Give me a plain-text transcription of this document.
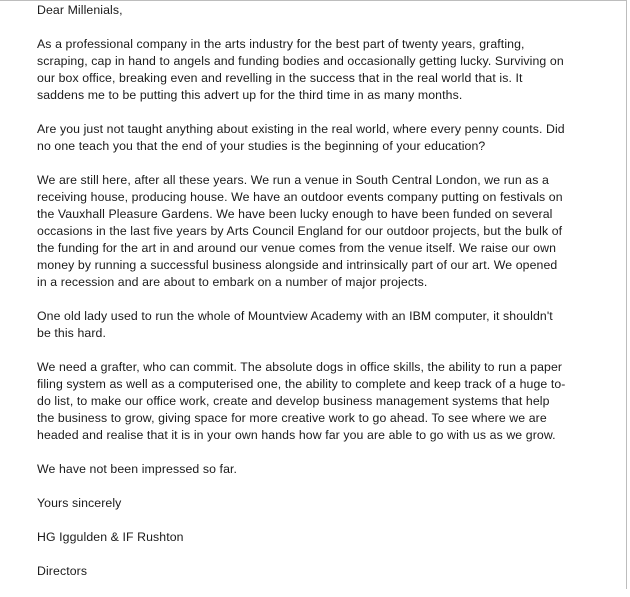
Dear Millenials,

As a professional company in the arts industry for the best part of twenty years, grafting, scraping, cap in hand to angels and funding bodies and occasionally getting lucky. Surviving on our box office, breaking even and revelling in the success that in the real world that is. It saddens me to be putting this advert up for the third time in as many months.

Are you just not taught anything about existing in the real world, where every penny counts. Did no one teach you that the end of your studies is the beginning of your education?

We are still here, after all these years. We run a venue in South Central London, we run as a receiving house, producing house. We have an outdoor events company putting on festivals on the Vauxhall Pleasure Gardens. We have been lucky enough to have been funded on several occasions in the last five years by Arts Council England for our outdoor projects, but the bulk of the funding for the art in and around our venue comes from the venue itself. We raise our own money by running a successful business alongside and intrinsically part of our art. We opened in a recession and are about to embark on a number of major projects.

One old lady used to run the whole of Mountview Academy with an IBM computer, it shouldn't be this hard.

We need a grafter, who can commit. The absolute dogs in office skills, the ability to run a paper filing system as well as a computerised one, the ability to complete and keep track of a huge to-do list, to make our office work, create and develop business management systems that help the business to grow, giving space for more creative work to go ahead. To see where we are headed and realise that it is in your own hands how far you are able to go with us as we grow.

We have not been impressed so far.

Yours sincerely

HG Iggulden & IF Rushton

Directors
